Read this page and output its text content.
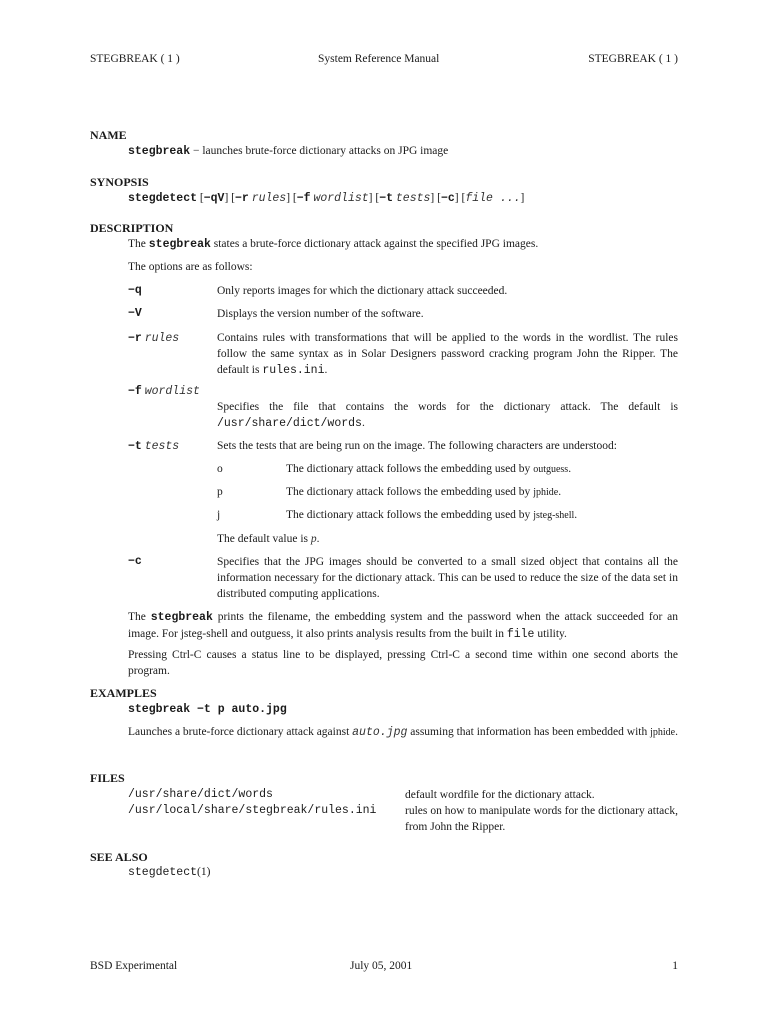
STEGBREAK ( 1 )	System Reference Manual	STEGBREAK ( 1 )
NAME
stegbreak − launches brute-force dictionary attacks on JPG image
SYNOPSIS
stegdetect [−qV] [−r rules] [−f wordlist] [−t tests] [−c] [file ...]
DESCRIPTION
The stegbreak states a brute-force dictionary attack against the specified JPG images.
The options are as follows:
−q	Only reports images for which the dictionary attack succeeded.
−V	Displays the version number of the software.
−r rules	Contains rules with transformations that will be applied to the words in the wordlist. The rules follow the same syntax as in Solar Designers password cracking program John the Ripper. The default is rules.ini.
−f wordlist
Specifies the file that contains the words for the dictionary attack. The default is /usr/share/dict/words.
−t tests	Sets the tests that are being run on the image. The following characters are understood:
o	The dictionary attack follows the embedding used by outguess.
p	The dictionary attack follows the embedding used by jphide.
j	The dictionary attack follows the embedding used by jsteg-shell.
The default value is p.
−c	Specifies that the JPG images should be converted to a small sized object that contains all the information necessary for the dictionary attack. This can be used to reduce the size of the data set in distributed computing applications.
The stegbreak prints the filename, the embedding system and the password when the attack succeeded for an image. For jsteg-shell and outguess, it also prints analysis results from the built in file utility.
Pressing Ctrl-C causes a status line to be displayed, pressing Ctrl-C a second time within one second aborts the program.
EXAMPLES
stegbreak −t p auto.jpg
Launches a brute-force dictionary attack against auto.jpg assuming that information has been embedded with jphide.
FILES
/usr/share/dict/words	default wordfile for the dictionary attack.
/usr/local/share/stegbreak/rules.ini rules on how to manipulate words for the dictionary attack, from John the Ripper.
SEE ALSO
stegdetect(1)
BSD Experimental	July 05, 2001	1
